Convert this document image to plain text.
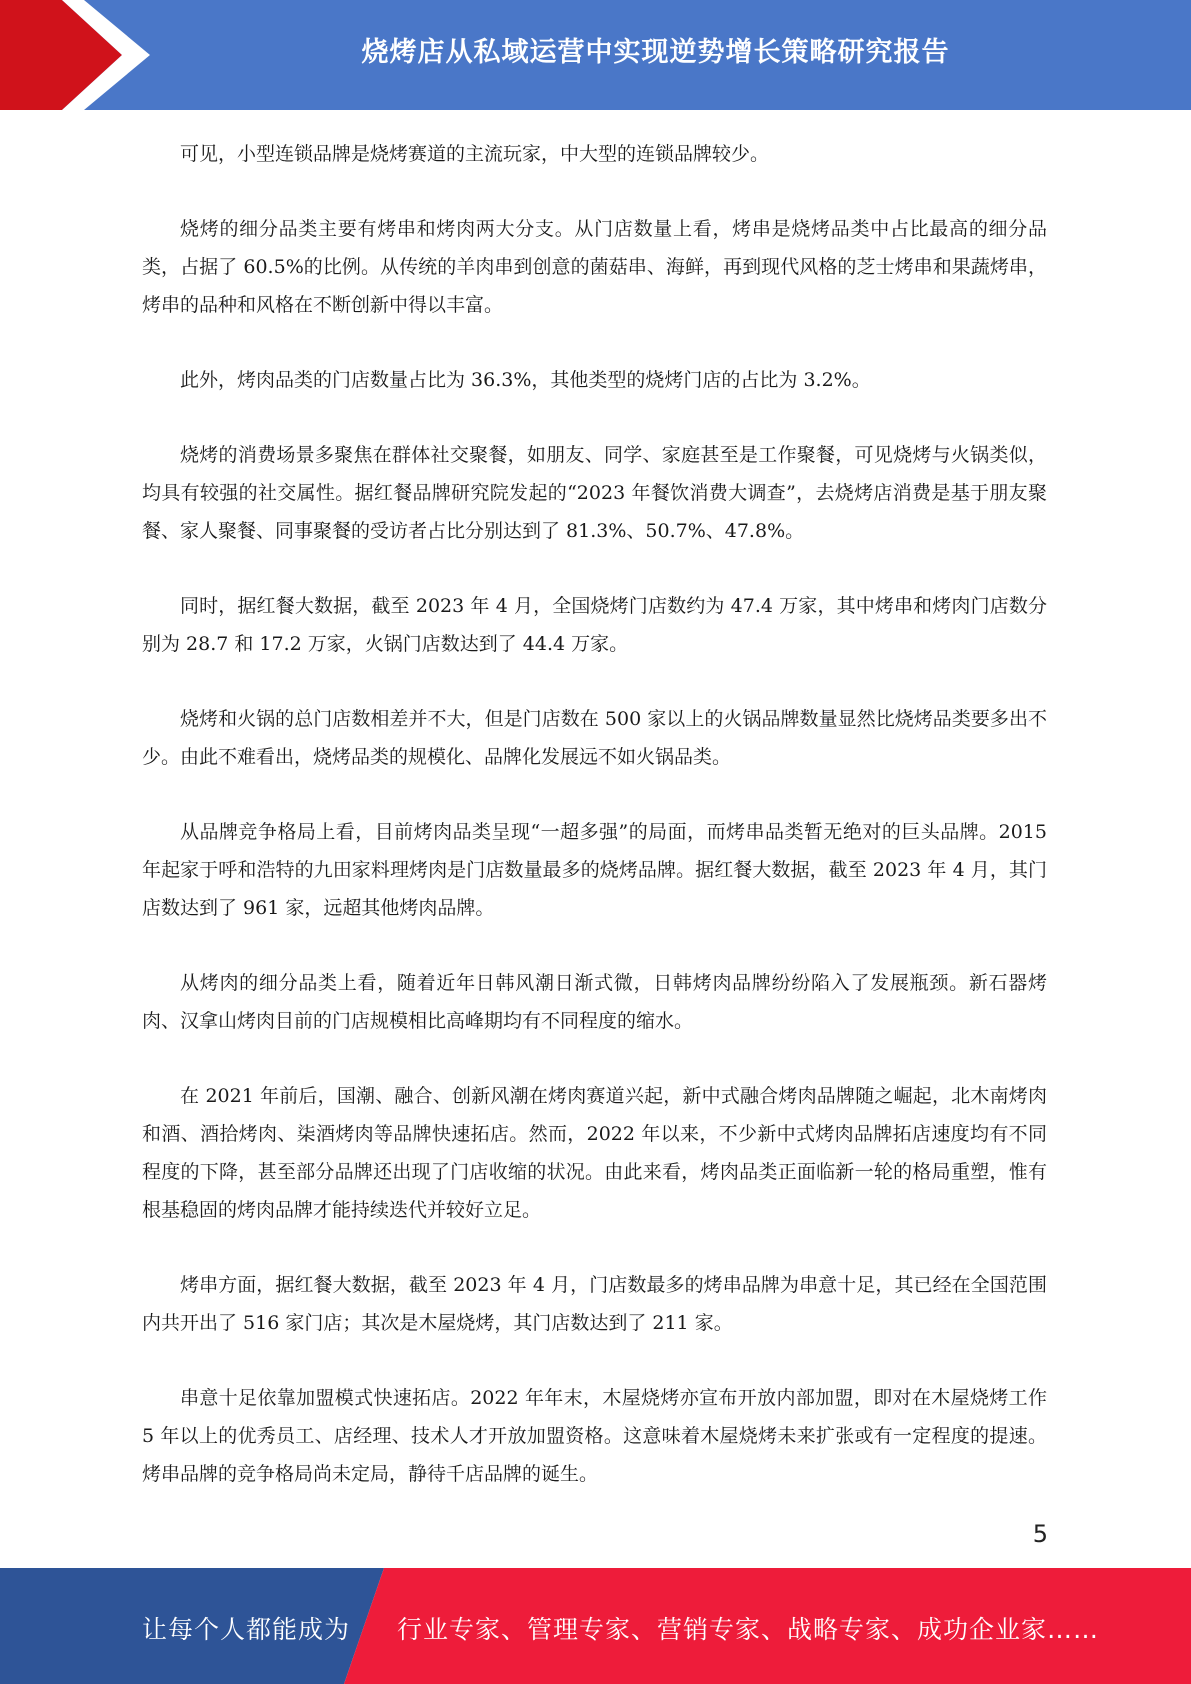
烧烤店从私域运营中实现逆势增长策略研究报告

可见，小型连锁品牌是烧烤赛道的主流玩家，中大型的连锁品牌较少。

烧烤的细分品类主要有烤串和烤肉两大分支。从门店数量上看，烤串是烧烤品类中占比最高的细分品类，占据了 60.5%的比例。从传统的羊肉串到创意的菌菇串、海鲜，再到现代风格的芝士烤串和果蔬烤串，烤串的品种和风格在不断创新中得以丰富。

此外，烤肉品类的门店数量占比为 36.3%，其他类型的烧烤门店的占比为 3.2%。

烧烤的消费场景多聚焦在群体社交聚餐，如朋友、同学、家庭甚至是工作聚餐，可见烧烤与火锅类似，均具有较强的社交属性。据红餐品牌研究院发起的“2023 年餐饮消费大调查”，去烧烤店消费是基于朋友聚餐、家人聚餐、同事聚餐的受访者占比分别达到了 81.3%、50.7%、47.8%。

同时，据红餐大数据，截至 2023 年 4 月，全国烧烤门店数约为 47.4 万家，其中烤串和烤肉门店数分别为 28.7 和 17.2 万家，火锅门店数达到了 44.4 万家。

烧烤和火锅的总门店数相差并不大，但是门店数在 500 家以上的火锅品牌数量显然比烧烤品类要多出不少。由此不难看出，烧烤品类的规模化、品牌化发展远不如火锅品类。

从品牌竞争格局上看，目前烤肉品类呈现“一超多强”的局面，而烤串品类暂无绝对的巨头品牌。2015 年起家于呼和浩特的九田家料理烤肉是门店数量最多的烧烤品牌。据红餐大数据，截至 2023 年 4 月，其门店数达到了 961 家，远超其他烤肉品牌。

从烤肉的细分品类上看，随着近年日韩风潮日渐式微，日韩烤肉品牌纷纷陷入了发展瓶颈。新石器烤肉、汉拿山烤肉目前的门店规模相比高峰期均有不同程度的缩水。

在 2021 年前后，国潮、融合、创新风潮在烤肉赛道兴起，新中式融合烤肉品牌随之崛起，北木南烤肉和酒、酒拾烤肉、柒酒烤肉等品牌快速拓店。然而，2022 年以来，不少新中式烤肉品牌拓店速度均有不同程度的下降，甚至部分品牌还出现了门店收缩的状况。由此来看，烤肉品类正面临新一轮的格局重塑，惟有根基稳固的烤肉品牌才能持续迭代并较好立足。

烤串方面，据红餐大数据，截至 2023 年 4 月，门店数最多的烤串品牌为串意十足，其已经在全国范围内共开出了 516 家门店；其次是木屋烧烤，其门店数达到了 211 家。

串意十足依靠加盟模式快速拓店。2022 年年末，木屋烧烤亦宣布开放内部加盟，即对在木屋烧烤工作 5 年以上的优秀员工、店经理、技术人才开放加盟资格。这意味着木屋烧烤未来扩张或有一定程度的提速。烤串品牌的竞争格局尚未定局，静待千店品牌的诞生。

5
让每个人都能成为 行业专家、管理专家、营销专家、战略专家、成功企业家……
